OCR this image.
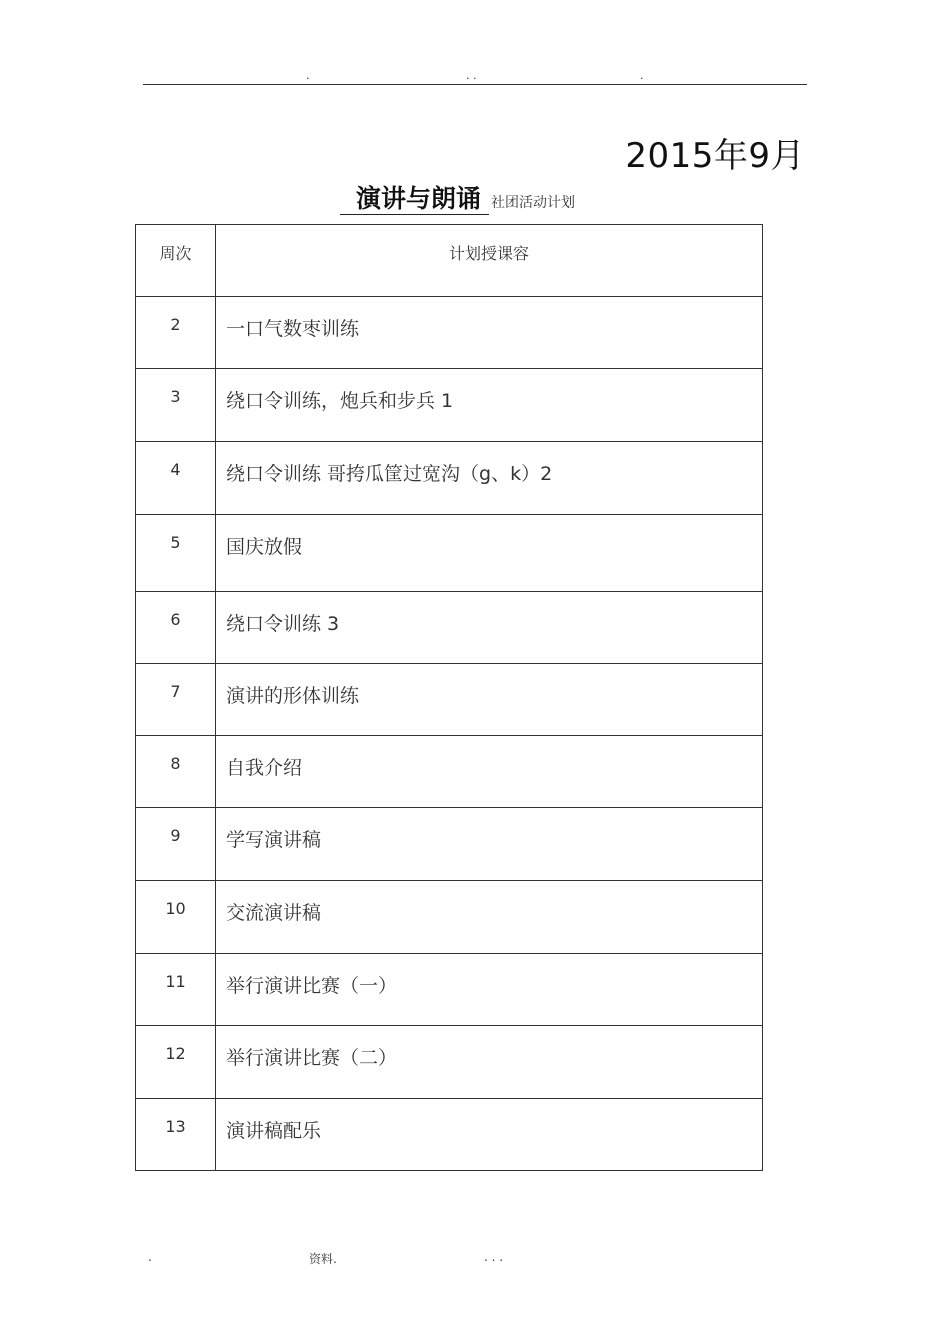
.	. .	.
2015年9月
演讲与朗诵 社团活动计划
周次	计划授课容
2	一口气数枣训练
3	绕口令训练，炮兵和步兵 1
4	绕口令训练 哥挎瓜筐过宽沟（g、k）2
5	国庆放假
6	绕口令训练 3
7	演讲的形体训练
8	自我介绍
9	学写演讲稿
10	交流演讲稿
11	举行演讲比赛（一）
12	举行演讲比赛（二）
13	演讲稿配乐
.	资料.	. . .
